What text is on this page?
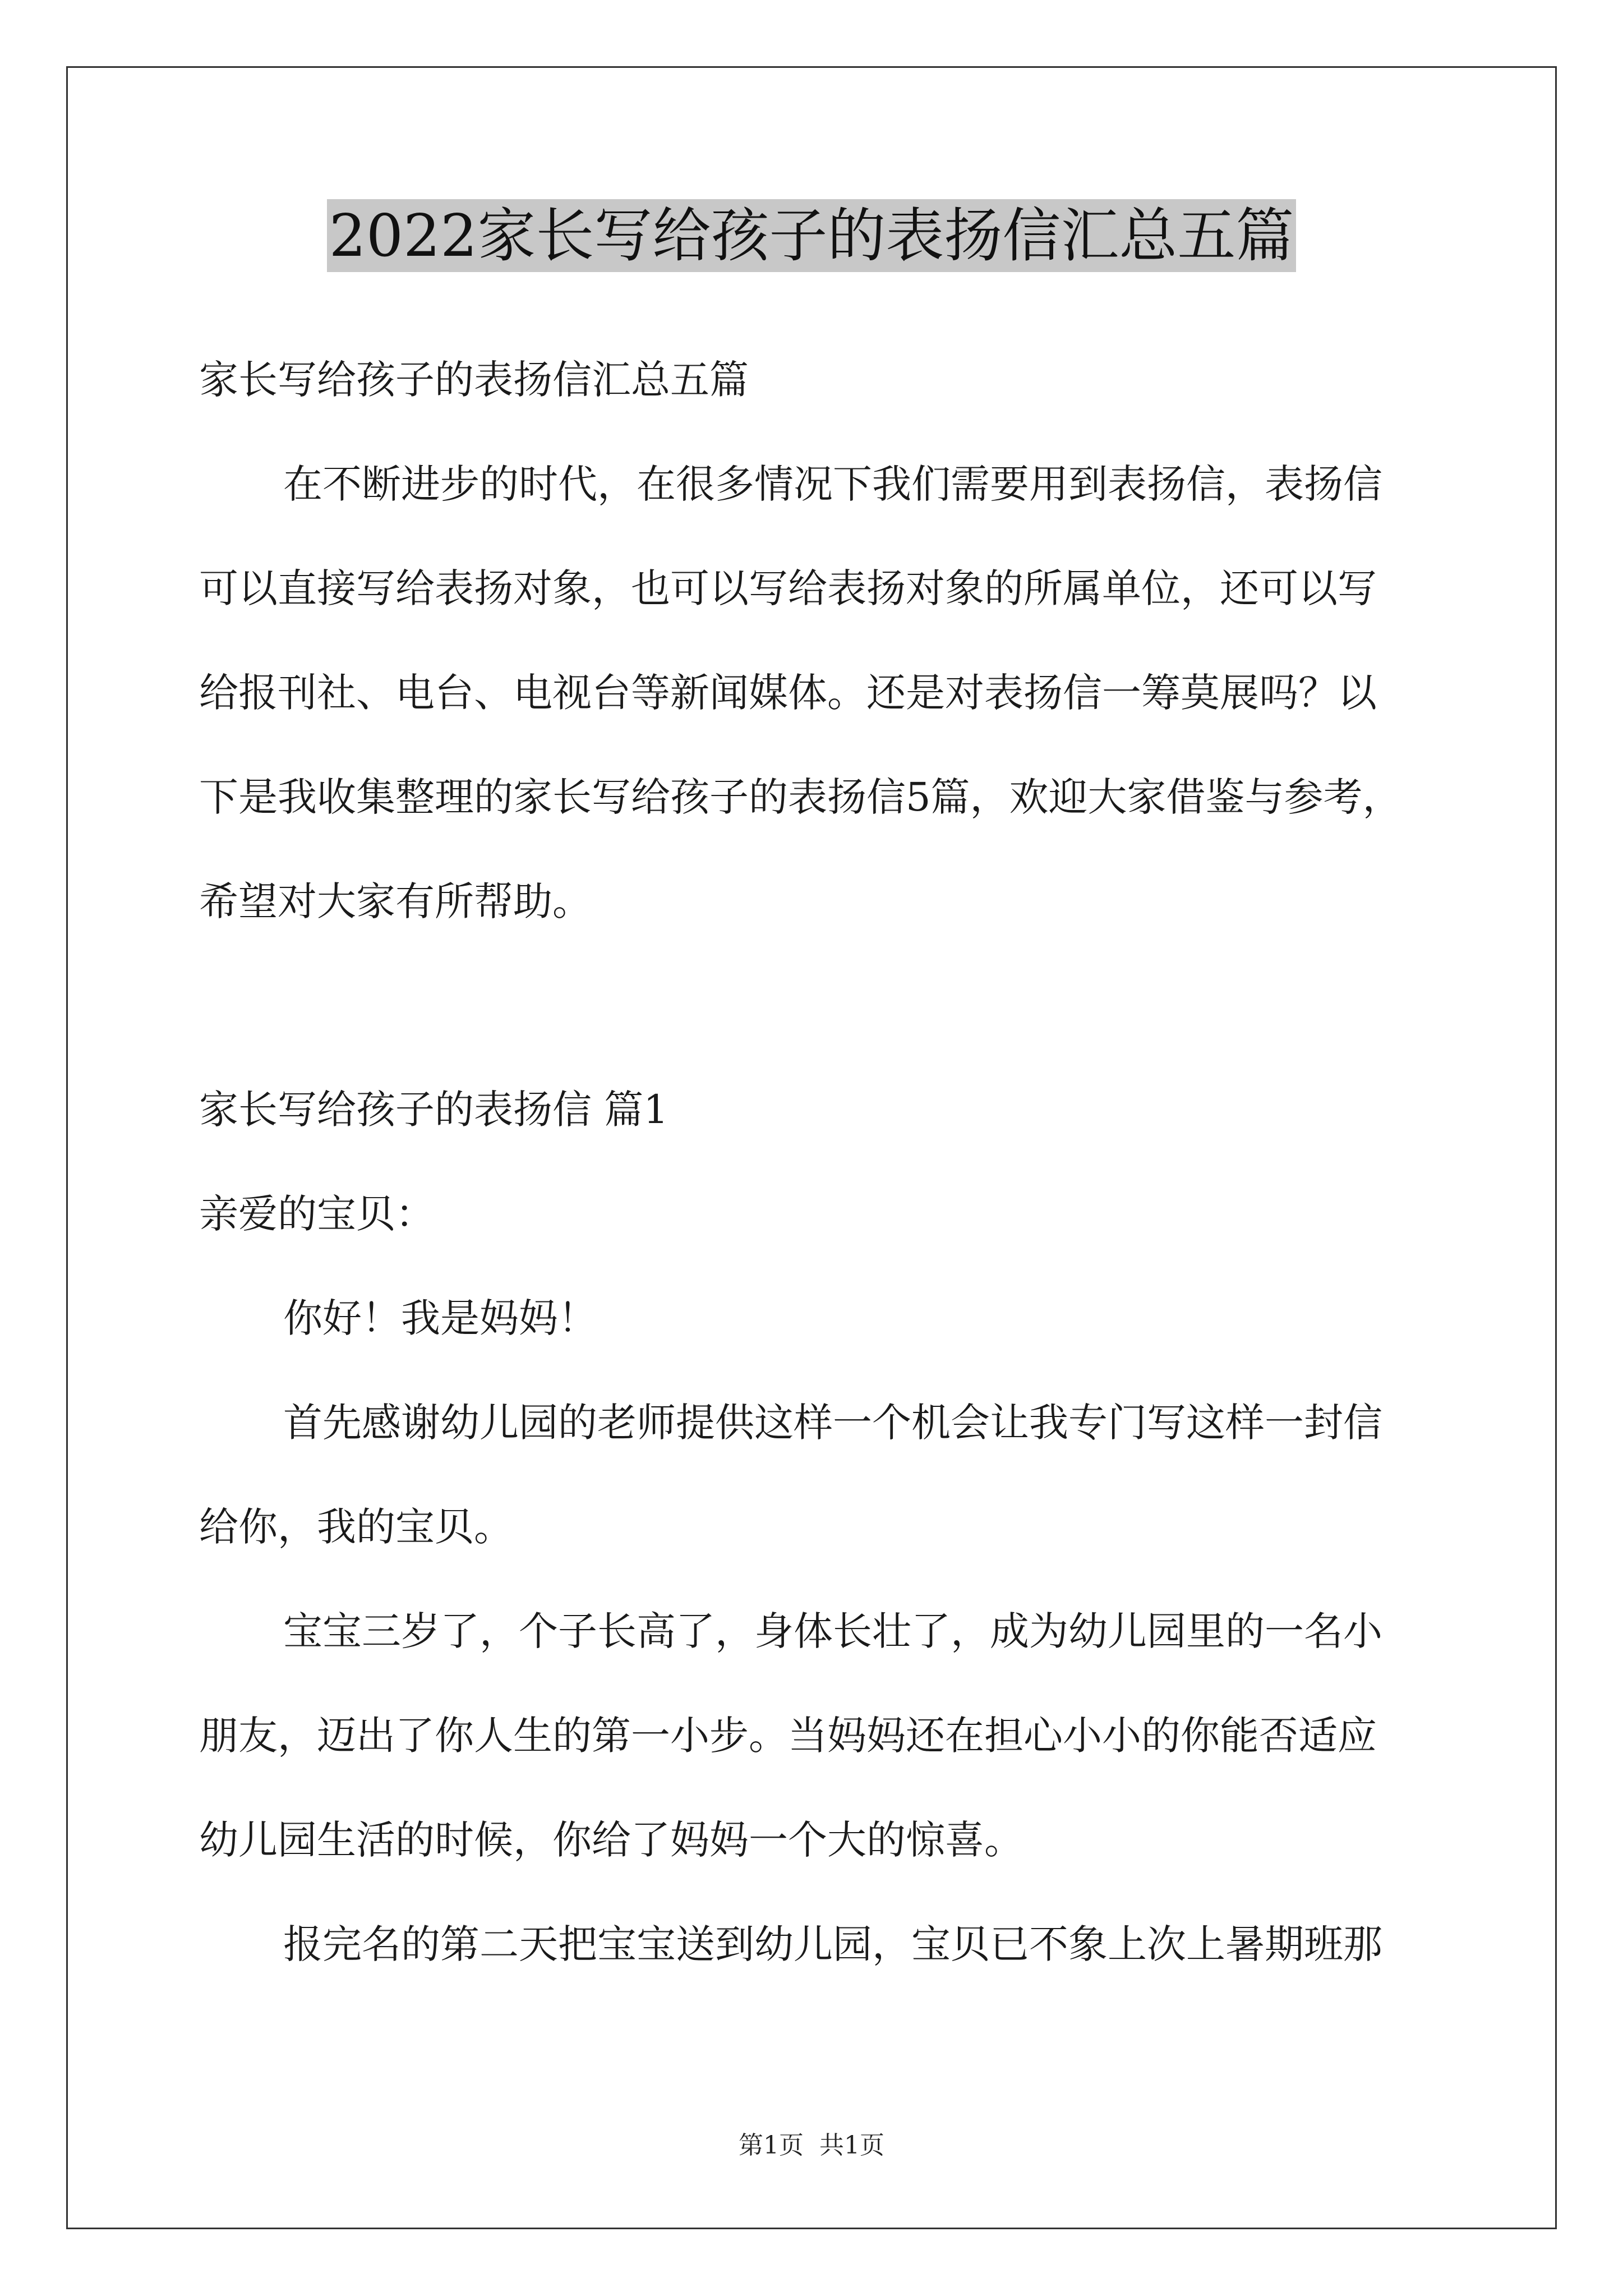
2022家长写给孩子的表扬信汇总五篇
家长写给孩子的表扬信汇总五篇
在不断进步的时代，在很多情况下我们需要用到表扬信，表扬信
可以直接写给表扬对象，也可以写给表扬对象的所属单位，还可以写
给报刊社、电台、电视台等新闻媒体。还是对表扬信一筹莫展吗？以
下是我收集整理的家长写给孩子的表扬信5篇，欢迎大家借鉴与参考，
希望对大家有所帮助。
家长写给孩子的表扬信 篇1
亲爱的宝贝：
你好！我是妈妈！
首先感谢幼儿园的老师提供这样一个机会让我专门写这样一封信
给你，我的宝贝。
宝宝三岁了，个子长高了，身体长壮了，成为幼儿园里的一名小
朋友，迈出了你人生的第一小步。当妈妈还在担心小小的你能否适应
幼儿园生活的时候，你给了妈妈一个大的惊喜。
报完名的第二天把宝宝送到幼儿园，宝贝已不象上次上暑期班那
第1页 共1页
